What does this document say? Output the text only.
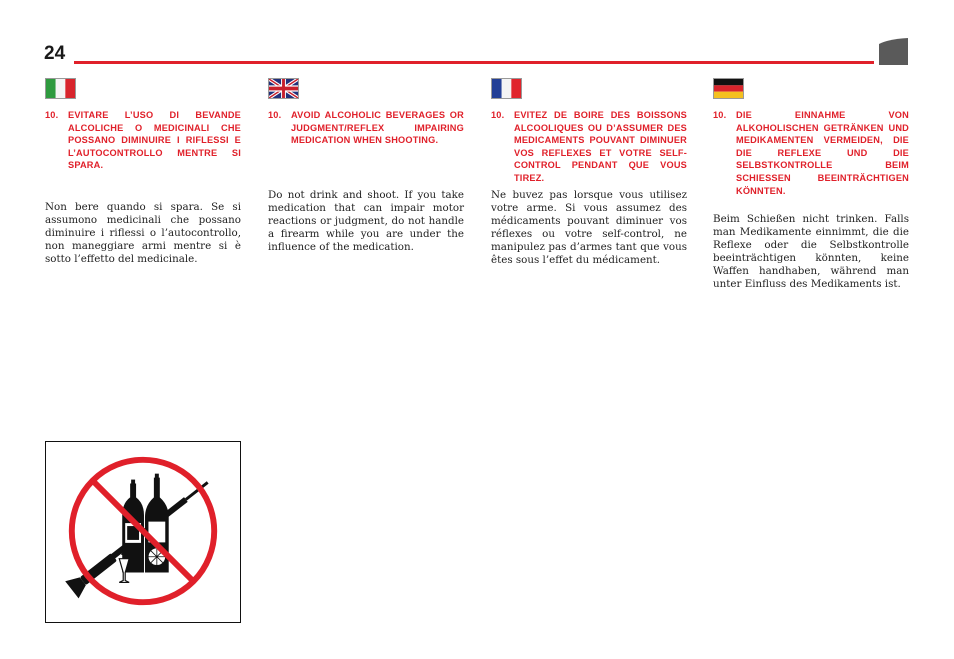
24
10.	EVITARE L’USO DI BEVANDE ALCOLICHE O MEDICINALI CHE POSSANO DIMINUIRE I RIFLESSI E L’AUTOCONTROLLO MENTRE SI SPARA.

Non bere quando si spara. Se si assumono medicinali che possano diminuire i riflessi o l’autocontrollo, non maneggiare armi mentre si è sotto l’effetto del medicinale.

10.	AVOID ALCOHOLIC BEVERAGES OR JUDGMENT/REFLEX IMPAIRING MEDICATION WHEN SHOOTING.

Do not drink and shoot. If you take medication that can impair motor reactions or judgment, do not handle a firearm while you are under the influence of the medication.

10.	EVITEZ DE BOIRE DES BOISSONS ALCOOLIQUES OU D’ASSUMER DES MEDICAMENTS POUVANT DIMINUER VOS REFLEXES ET VOTRE SELF-CONTROL PENDANT QUE VOUS TIREZ.

Ne buvez pas lorsque vous utilisez votre arme. Si vous assumez des médicaments pouvant diminuer vos réflexes ou votre self-control, ne manipulez pas d’armes tant que vous êtes sous l’effet du médicament.

10.	DIE EINNAHME VON ALKOHOLISCHEN GETRÄNKEN UND MEDIKAMENTEN VERMEIDEN, DIE DIE REFLEXE UND DIE SELBSTKONTROLLE BEIM SCHIESSEN BEEINTRÄCHTIGEN KÖNNTEN.

Beim Schießen nicht trinken. Falls man Medikamente einnimmt, die die Reflexe oder die Selbstkontrolle beeinträchtigen könnten, keine Waffen handhaben, während man unter Einfluss des Medikaments ist.
